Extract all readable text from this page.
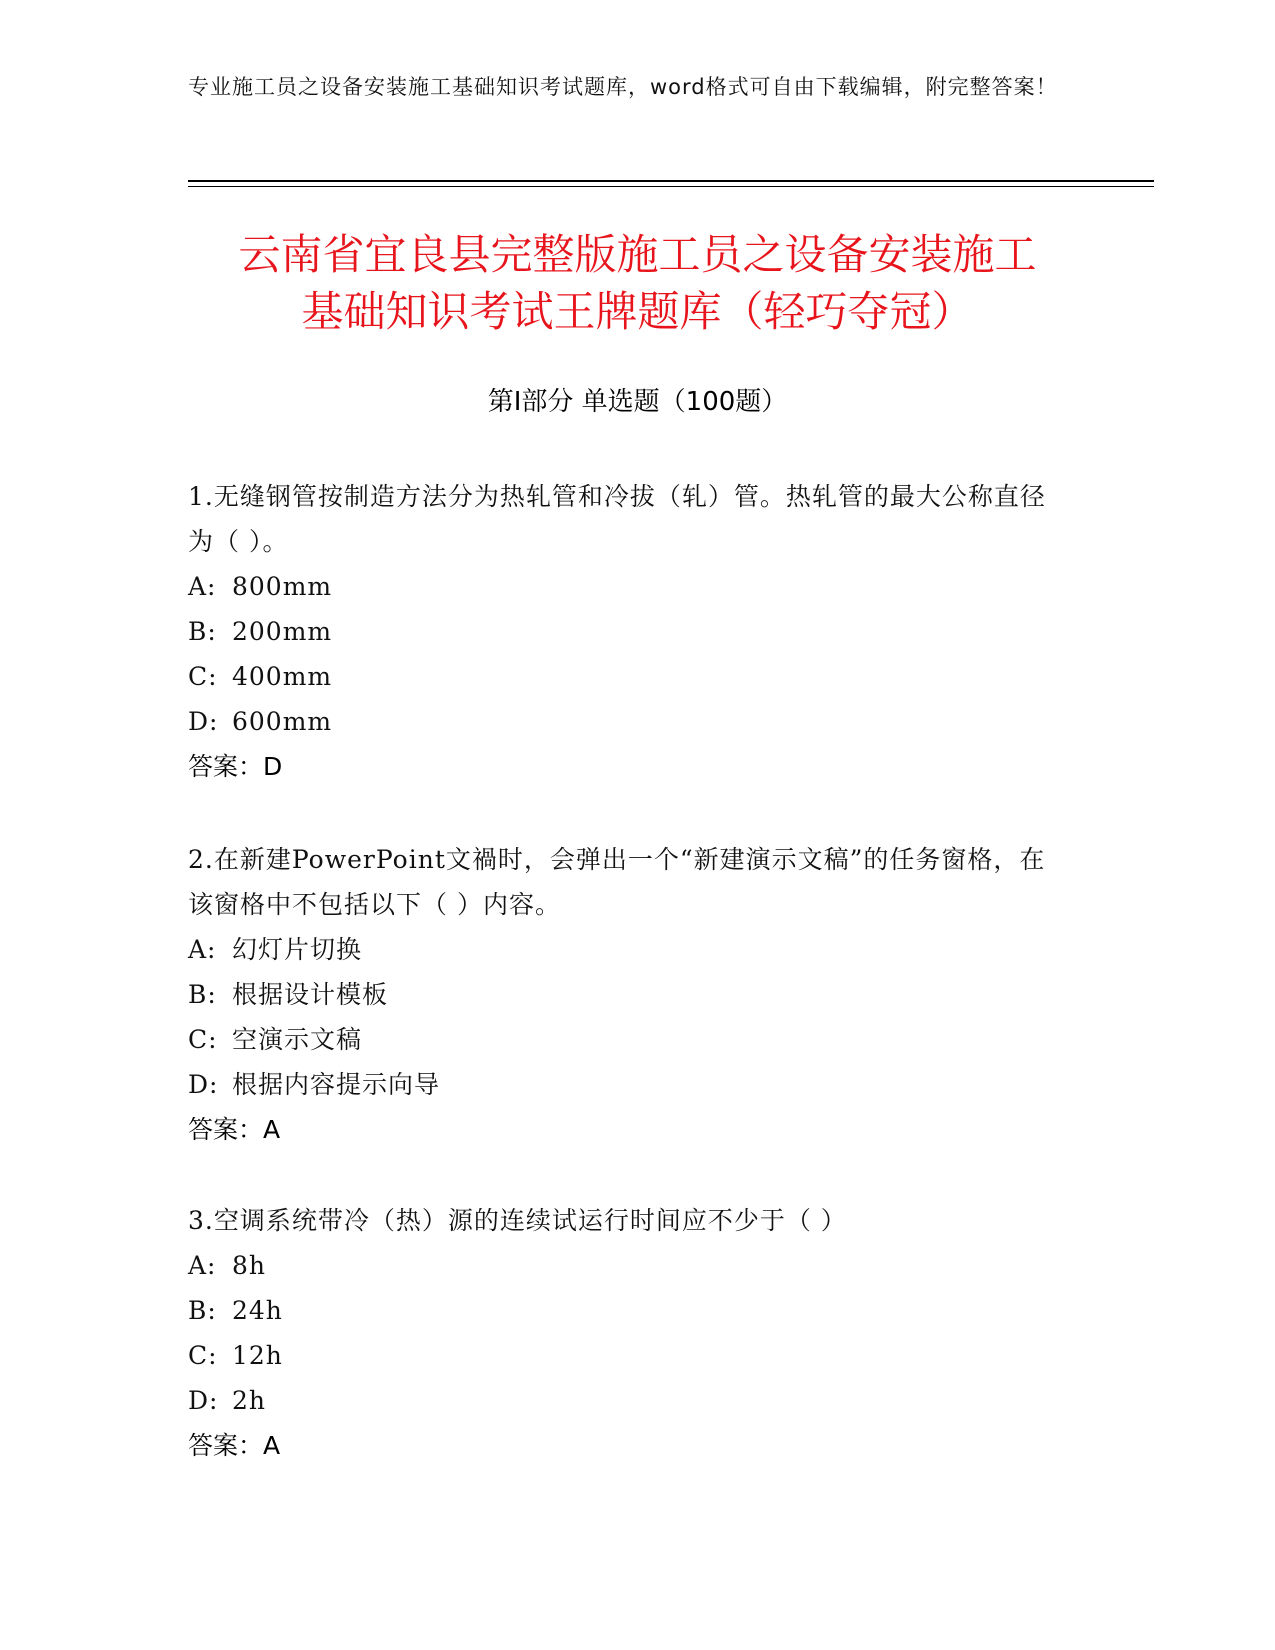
专业施工员之设备安装施工基础知识考试题库，word格式可自由下载编辑，附完整答案！
云南省宜良县完整版施工员之设备安装施工
基础知识考试王牌题库（轻巧夺冠）
第Ⅰ部分 单选题（100题）
1.无缝钢管按制造方法分为热轧管和冷拔（轧）管。热轧管的最大公称直径为（ ）。
A: 800mm
B: 200mm
C: 400mm
D: 600mm
答案：D
2.在新建PowerPoint文禍时，会弹出一个“新建演示文稿”的任务窗格，在该窗格中不包括以下（ ）内容。
A: 幻灯片切换
B: 根据设计模板
C: 空演示文稿
D: 根据内容提示向导
答案：A
3.空调系统带冷（热）源的连续试运行时间应不少于（ ）
A: 8h
B: 24h
C: 12h
D: 2h
答案：A
